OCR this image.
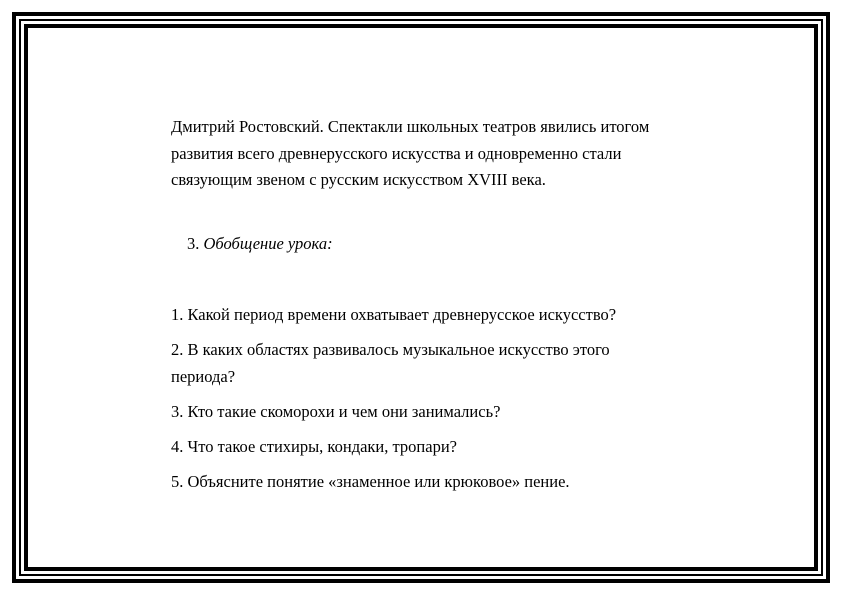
Дмитрий Ростовский. Спектакли школьных театров явились итогом
развития всего древнерусского искусства и одновременно стали
связующим звеном с русским искусством XVIII века.
3. Обобщение урока:
1. Какой период времени охватывает древнерусское искусство?
2. В каких областях развивалось музыкальное искусство этого
периода?
3. Кто такие скоморохи и чем они занимались?
4. Что такое стихиры, кондаки, тропари?
5. Объясните понятие «знаменное или крюковое» пение.
